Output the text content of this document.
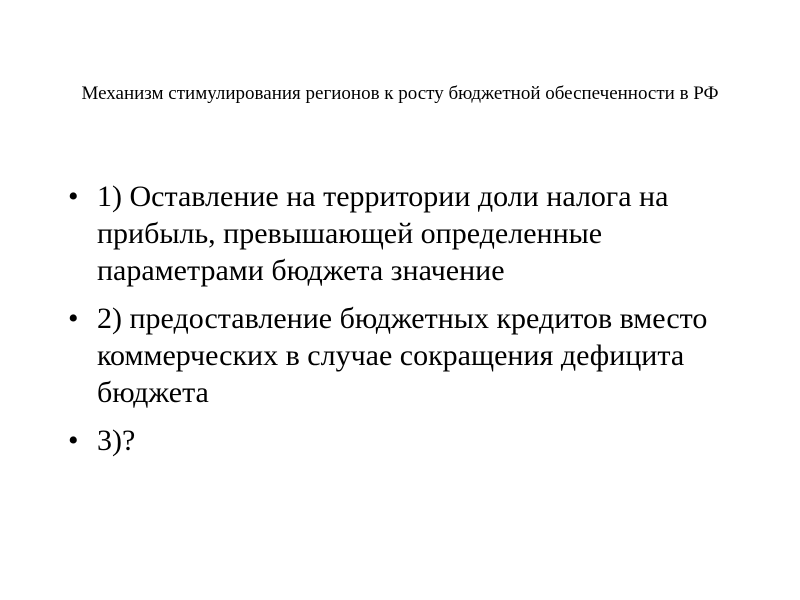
Механизм стимулирования регионов к росту бюджетной обеспеченности в РФ
• 1) Оставление на территории доли налога на прибыль, превышающей определенные параметрами бюджета значение
• 2) предоставление бюджетных кредитов вместо коммерческих в случае сокращения дефицита бюджета
• 3)?
